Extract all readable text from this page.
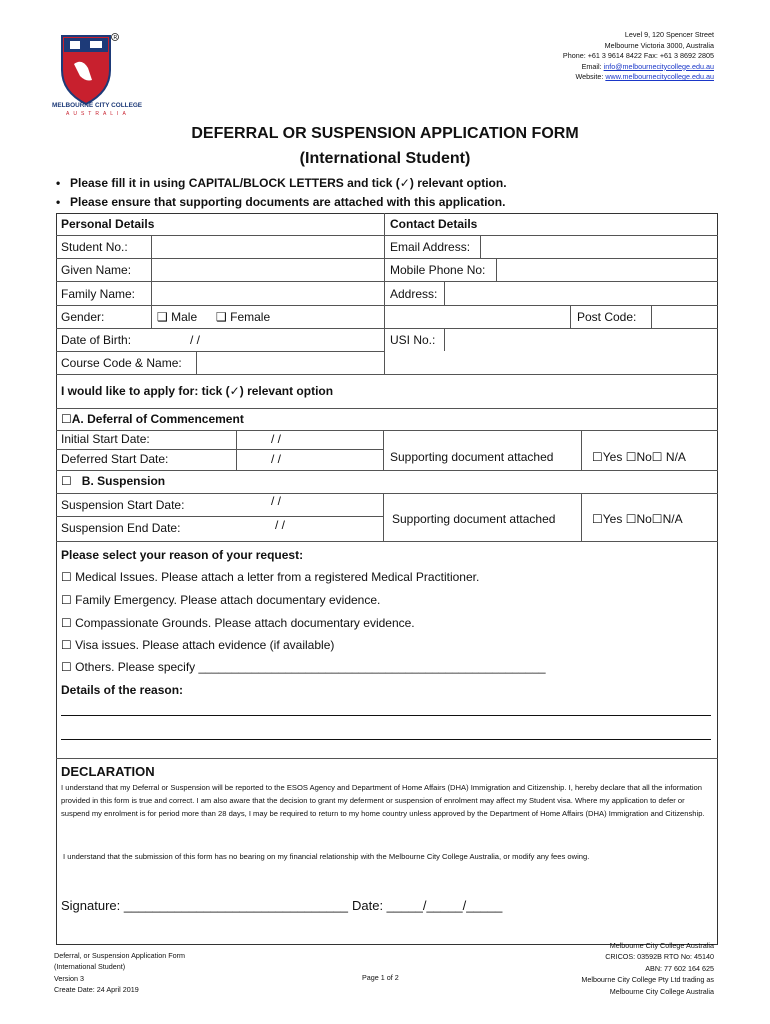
R
MELBOURNE CITY COLLEGE
AUSTRALIA
Level 9, 120 Spencer Street
Melbourne Victoria 3000, Australia
Phone: +61 3 9614 8422 Fax: +61 3 8692 2805
Email: info@melbournecitycollege.edu.au
Website: www.melbournecitycollege.edu.au
DEFERRAL OR SUSPENSION APPLICATION FORM
(International Student)
• Please fill it in using CAPITAL/BLOCK LETTERS and tick (✓) relevant option.
• Please ensure that supporting documents are attached with this application.
Personal Details	Contact Details
Student No.:	Email Address:
Given Name:	Mobile Phone No:
Family Name:	Address:
Gender:	❑ Male ❑ Female	Post Code:
Date of Birth:	/ /	USI No.:
Course Code & Name:
I would like to apply for: tick (✓) relevant option
☐A. Deferral of Commencement
Initial Start Date:	/ /
Deferred Start Date:	/ /	Supporting document attached	☐Yes ☐No☐ N/A
☐ B. Suspension
Suspension Start Date:	/ /
Suspension End Date:	/ /	Supporting document attached	☐Yes ☐No☐N/A
Please select your reason of your request:
☐ Medical Issues. Please attach a letter from a registered Medical Practitioner.
☐ Family Emergency. Please attach documentary evidence.
☐ Compassionate Grounds. Please attach documentary evidence.
☐ Visa issues. Please attach evidence (if available)
☐ Others. Please specify ____________________________________________________
Details of the reason:
DECLARATION
I understand that my Deferral or Suspension will be reported to the ESOS Agency and Department of Home Affairs (DHA) Immigration and Citizenship. I, hereby declare that all the information provided in this form is true and correct. I am also aware that the decision to grant my deferment or suspension of enrolment may affect my Student visa. Where my application to defer or suspend my enrolment is for period more than 28 days, I may be required to return to my home country unless approved by the Department of Home Affairs (DHA) Immigration and Citizenship.
I understand that the submission of this form has no bearing on my financial relationship with the Melbourne City College Australia, or modify any fees owing.
Signature: _______________________________ Date: _____/_____/_____
Deferral, or Suspension Application Form
(International Student)
Version 3
Create Date: 24 April 2019
Page 1 of 2
Melbourne City College Australia
CRICOS: 03592B RTO No: 45140
ABN: 77 602 164 625
Melbourne City College Pty Ltd trading as
Melbourne City College Australia
